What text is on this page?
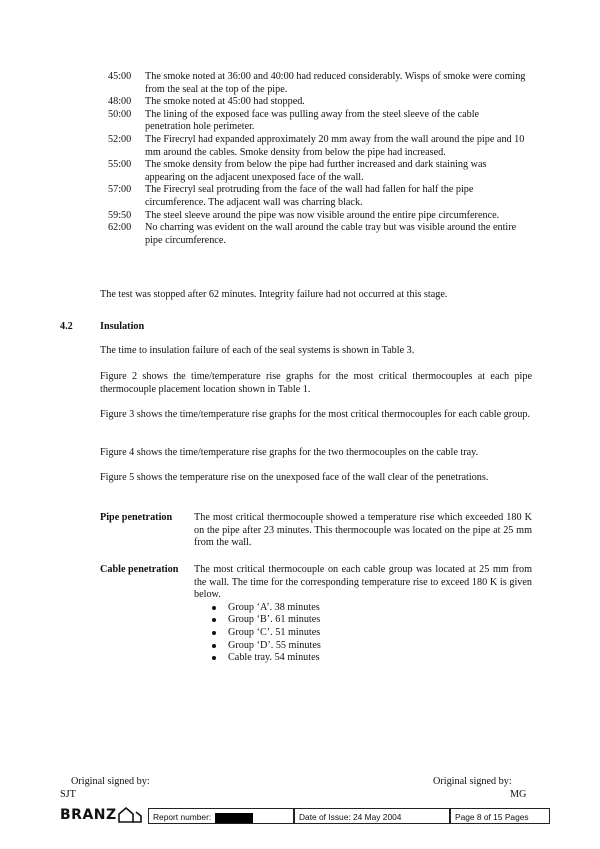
45:00	The smoke noted at 36:00 and 40:00 had reduced considerably. Wisps of smoke were coming from the seal at the top of the pipe.
48:00	The smoke noted at 45:00 had stopped.
50:00	The lining of the exposed face was pulling away from the steel sleeve of the cable penetration hole perimeter.
52:00	The Firecryl had expanded approximately 20 mm away from the wall around the pipe and 10 mm around the cables. Smoke density from below the pipe had increased.
55:00	The smoke density from below the pipe had further increased and dark staining was appearing on the adjacent unexposed face of the wall.
57:00	The Firecryl seal protruding from the face of the wall had fallen for half the pipe circumference. The adjacent wall was charring black.
59:50	The steel sleeve around the pipe was now visible around the entire pipe circumference.
62:00	No charring was evident on the wall around the cable tray but was visible around the entire pipe circumference.
The test was stopped after 62 minutes. Integrity failure had not occurred at this stage.
4.2	Insulation
The time to insulation failure of each of the seal systems is shown in Table 3.
Figure 2 shows the time/temperature rise graphs for the most critical thermocouples at each pipe thermocouple placement location shown in Table 1.
Figure 3 shows the time/temperature rise graphs for the most critical thermocouples for each cable group.
Figure 4 shows the time/temperature rise graphs for the two thermocouples on the cable tray.
Figure 5 shows the temperature rise on the unexposed face of the wall clear of the penetrations.
Pipe penetration The most critical thermocouple showed a temperature rise which exceeded 180 K on the pipe after 23 minutes. This thermocouple was located on the pipe at 25 mm from the wall.
Cable penetration The most critical thermocouple on each cable group was located at 25 mm from the wall. The time for the corresponding temperature rise to exceed 180 K is given below.
Group ‘A’. 38 minutes
Group ‘B’. 61 minutes
Group ‘C’. 51 minutes
Group ‘D’. 55 minutes
Cable tray. 54 minutes
Original signed by:
SJT
Original signed by:
MG
BRANZ	Report number:	Date of Issue: 24 May 2004	Page 8 of 15 Pages
